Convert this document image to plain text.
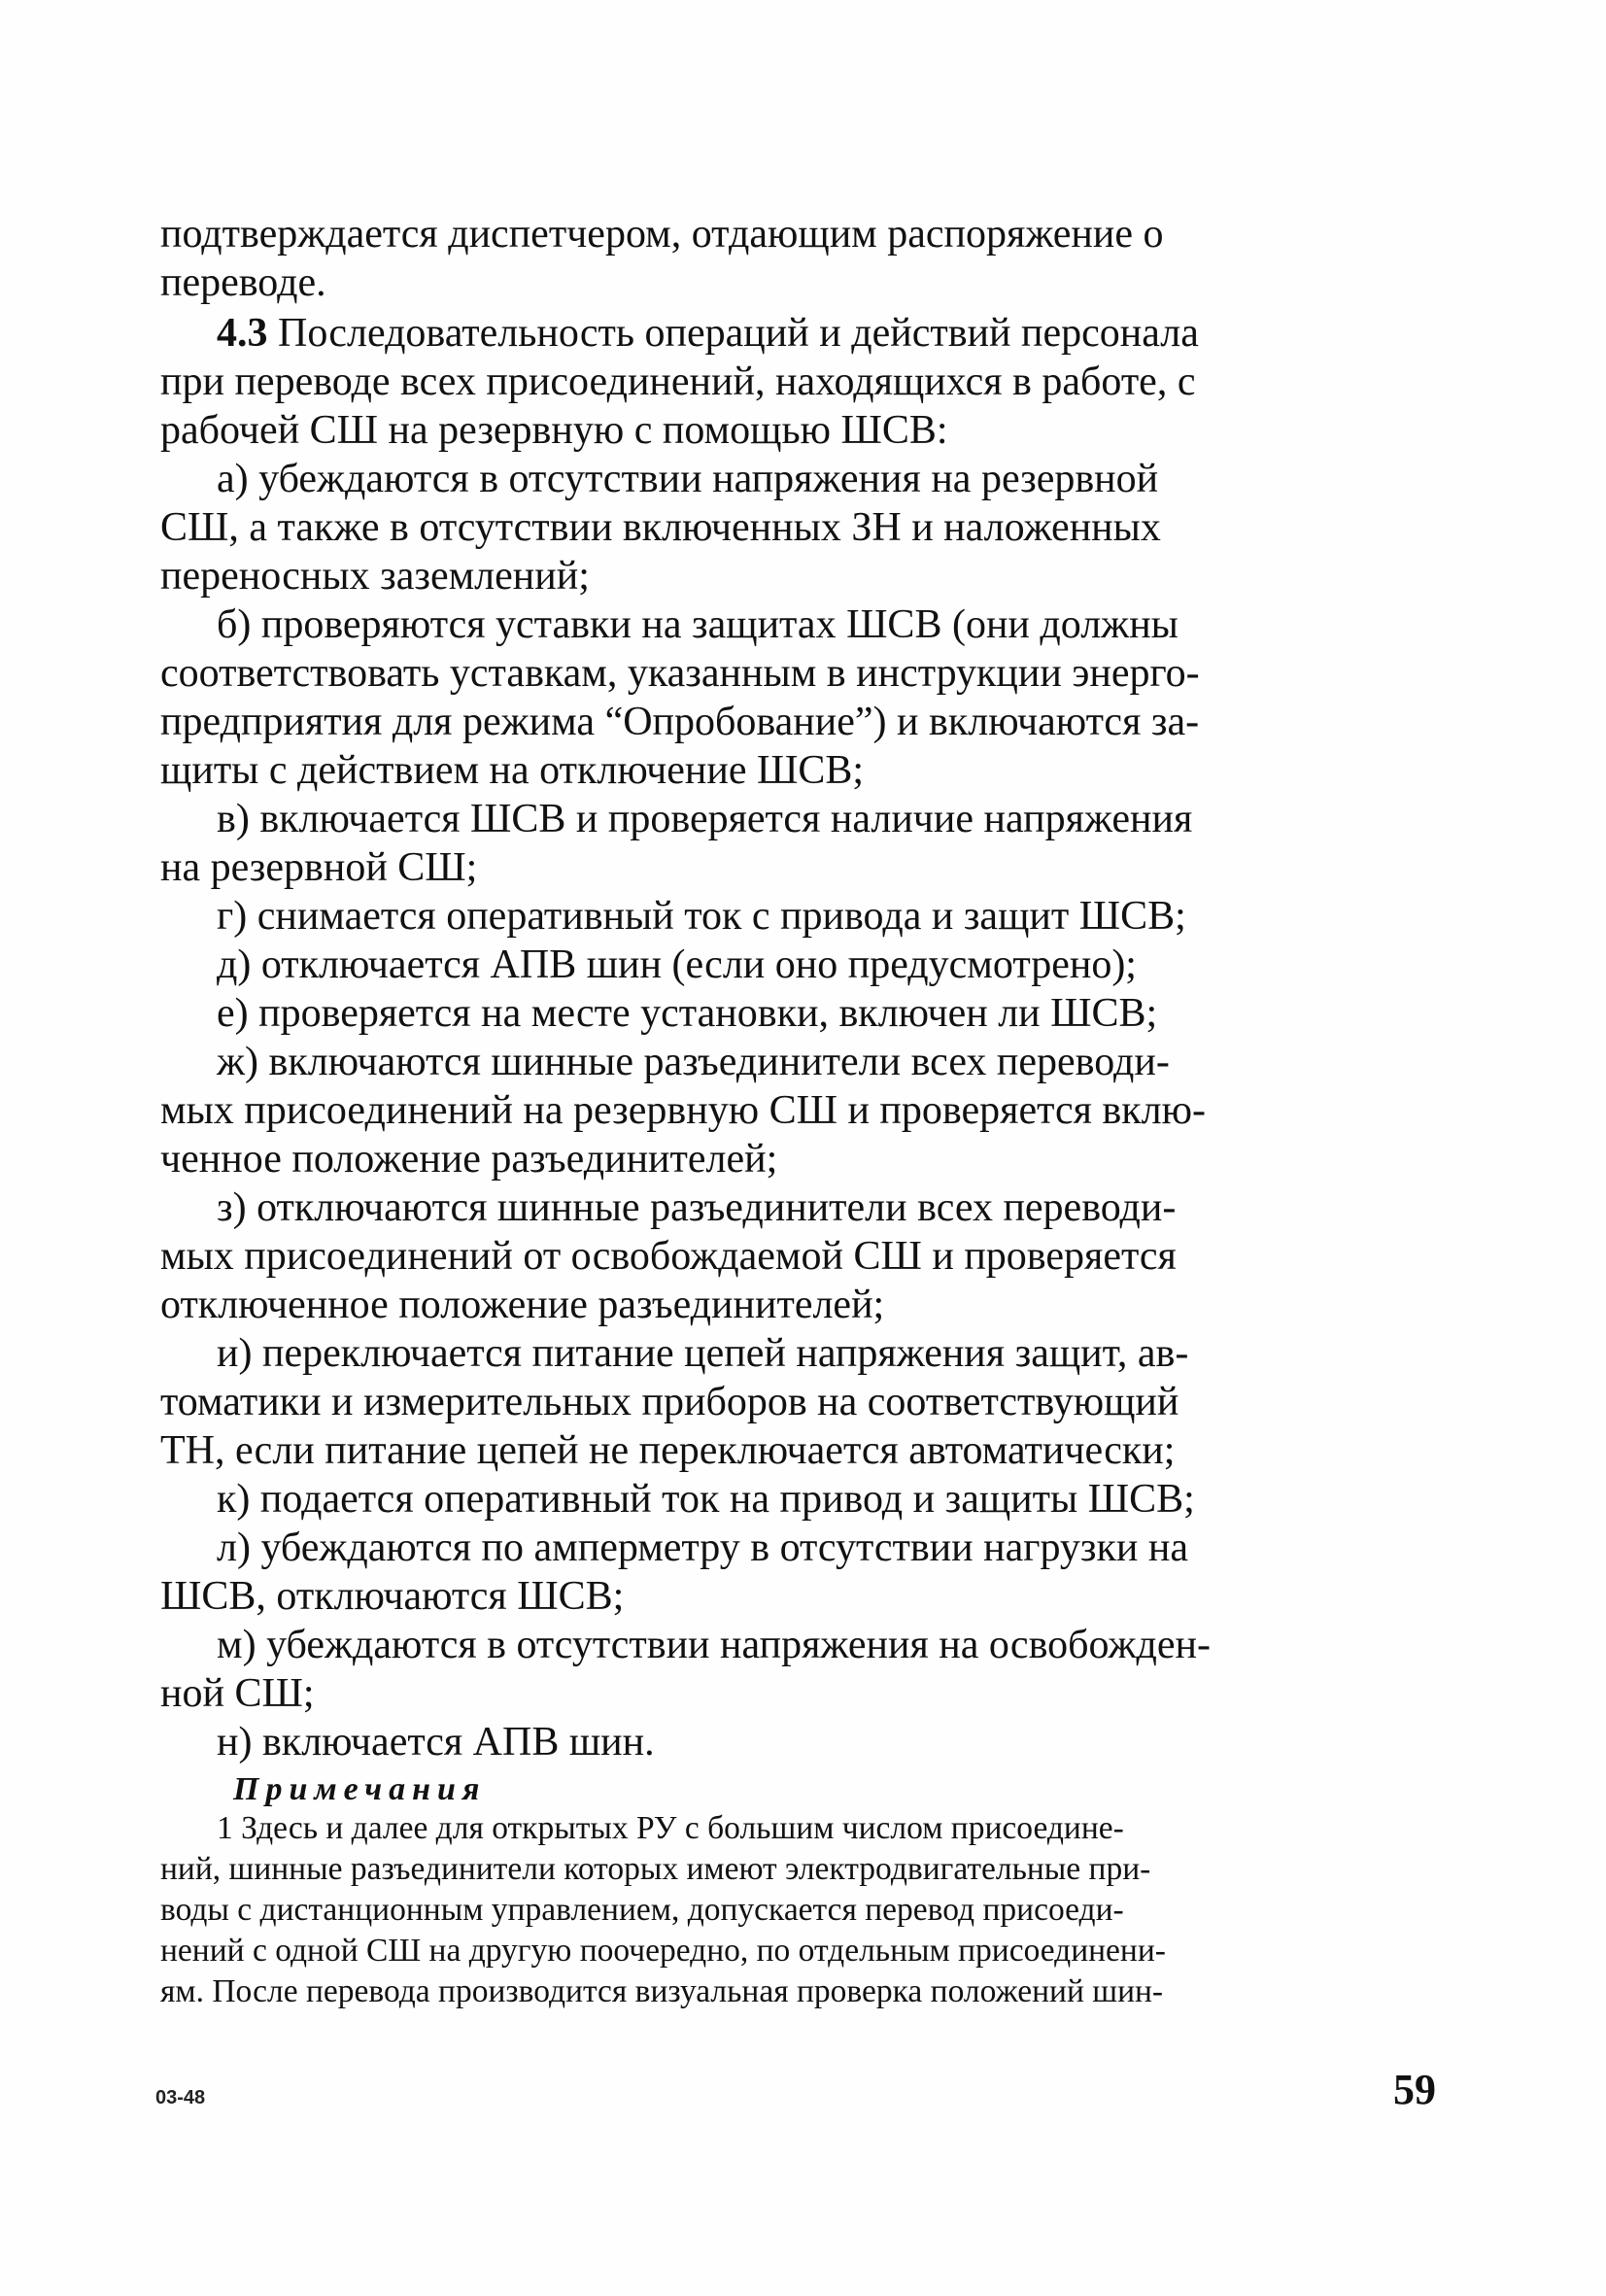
подтверждается диспетчером, отдающим распоряжение о
переводе.
4.3 Последовательность операций и действий персонала
при переводе всех присоединений, находящихся в работе, с
рабочей СШ на резервную с помощью ШСВ:
а) убеждаются в отсутствии напряжения на резервной
СШ, а также в отсутствии включенных ЗН и наложенных
переносных заземлений;
б) проверяются уставки на защитах ШСВ (они должны
соответствовать уставкам, указанным в инструкции энерго-
предприятия для режима “Опробование”) и включаются за-
щиты с действием на отключение ШСВ;
в) включается ШСВ и проверяется наличие напряжения
на резервной СШ;
г) снимается оперативный ток с привода и защит ШСВ;
д) отключается АПВ шин (если оно предусмотрено);
е) проверяется на месте установки, включен ли ШСВ;
ж) включаются шинные разъединители всех переводи-
мых присоединений на резервную СШ и проверяется вклю-
ченное положение разъединителей;
з) отключаются шинные разъединители всех переводи-
мых присоединений от освобождаемой СШ и проверяется
отключенное положение разъединителей;
и) переключается питание цепей напряжения защит, ав-
томатики и измерительных приборов на соответствующий
ТН, если питание цепей не переключается автоматически;
к) подается оперативный ток на привод и защиты ШСВ;
л) убеждаются по амперметру в отсутствии нагрузки на
ШСВ, отключаются ШСВ;
м) убеждаются в отсутствии напряжения на освобожден-
ной СШ;
н) включается АПВ шин.
Примечания
1 Здесь и далее для открытых РУ с большим числом присоедине-
ний, шинные разъединители которых имеют электродвигательные при-
воды с дистанционным управлением, допускается перевод присоеди-
нений с одной СШ на другую поочередно, по отдельным присоединени-
ям. После перевода производится визуальная проверка положений шин-
03-48	59
